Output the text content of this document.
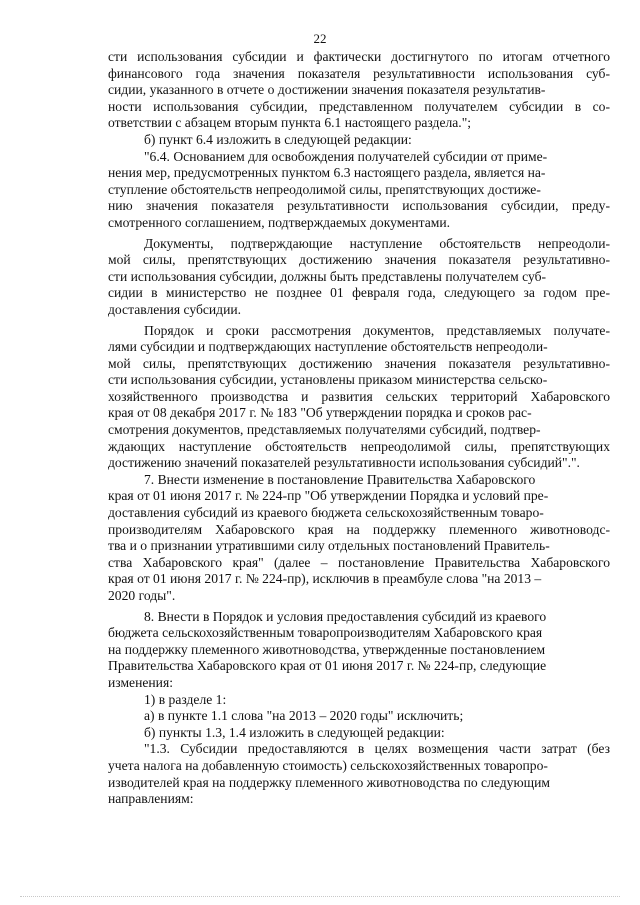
22

сти использования субсидии и фактически достигнутого по итогам отчетного
финансового года значения показателя результативности использования суб-
сидии, указанного в отчете о достижении значения показателя результатив-
ности использования субсидии, представленном получателем субсидии в со-
ответствии с абзацем вторым пункта 6.1 настоящего раздела.";

б) пункт 6.4 изложить в следующей редакции:

"6.4. Основанием для освобождения получателей субсидии от приме-
нения мер, предусмотренных пунктом 6.3 настоящего раздела, является на-
ступление обстоятельств непреодолимой силы, препятствующих достиже-
нию значения показателя результативности использования субсидии, преду-
смотренного соглашением, подтверждаемых документами.

Документы, подтверждающие наступление обстоятельств непреодоли-
мой силы, препятствующих достижению значения показателя результативно-
сти использования субсидии, должны быть представлены получателем суб-
сидии в министерство не позднее 01 февраля года, следующего за годом пре-
доставления субсидии.

Порядок и сроки рассмотрения документов, представляемых получате-
лями субсидии и подтверждающих наступление обстоятельств непреодоли-
мой силы, препятствующих достижению значения показателя результативно-
сти использования субсидии, установлены приказом министерства сельско-
хозяйственного производства и развития сельских территорий Хабаровского
края от 08 декабря 2017 г. № 183 "Об утверждении порядка и сроков рас-
смотрения документов, представляемых получателями субсидий, подтвер-
ждающих наступление обстоятельств непреодолимой силы, препятствующих
достижению значений показателей результативности использования субсидий".".

7. Внести изменение в постановление Правительства Хабаровского
края от 01 июня 2017 г. № 224-пр "Об утверждении Порядка и условий пре-
доставления субсидий из краевого бюджета сельскохозяйственным товаро-
производителям Хабаровского края на поддержку племенного животноводс-
тва и о признании утратившими силу отдельных постановлений Правитель-
ства Хабаровского края" (далее – постановление Правительства Хабаровского
края от 01 июня 2017 г. № 224-пр), исключив в преамбуле слова "на 2013 –
2020 годы".

8. Внести в Порядок и условия предоставления субсидий из краевого
бюджета сельскохозяйственным товаропроизводителям Хабаровского края
на поддержку племенного животноводства, утвержденные постановлением
Правительства Хабаровского края от 01 июня 2017 г. № 224-пр, следующие
изменения:

1) в разделе 1:

а) в пункте 1.1 слова "на 2013 – 2020 годы" исключить;

б) пункты 1.3, 1.4 изложить в следующей редакции:

"1.3. Субсидии предоставляются в целях возмещения части затрат (без
учета налога на добавленную стоимость) сельскохозяйственных товаропро-
изводителей края на поддержку племенного животноводства по следующим
направлениям:
